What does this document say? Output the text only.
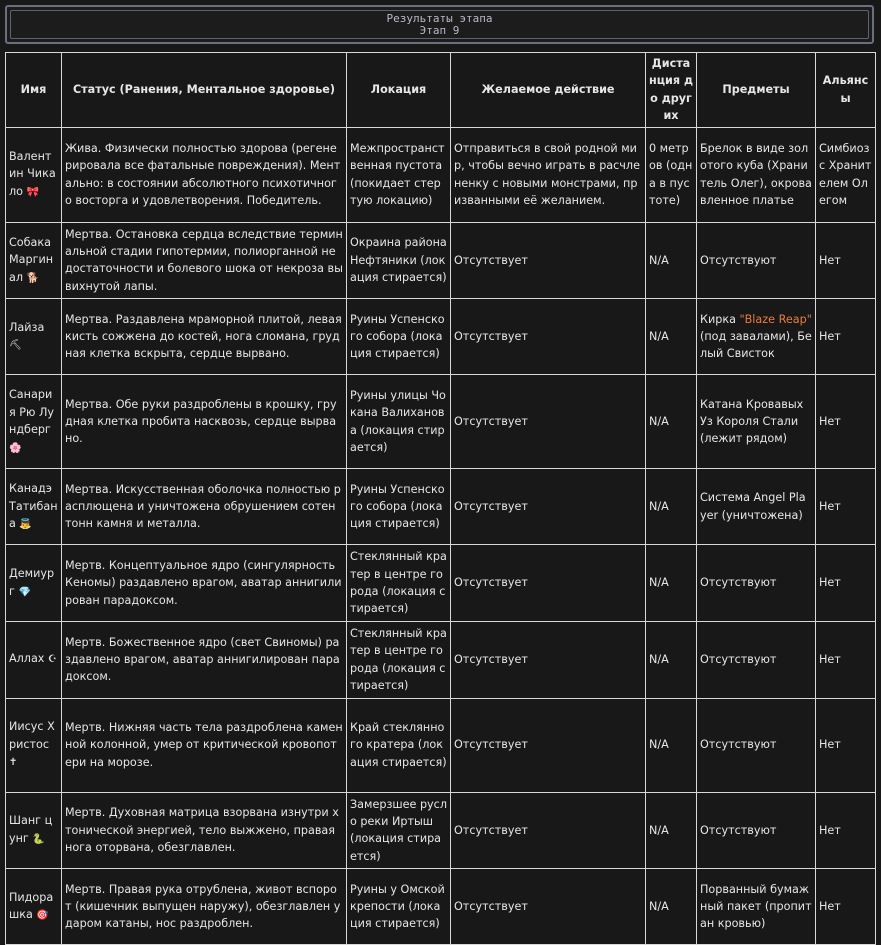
Результаты этапа
Этап 9
Имя	Статус (Ранения, Ментальное здоровье)	Локация	Желаемое действие	Дистанция до других	Предметы	Альянсы
Валентин Чикало 🎀	Жива. Физически полностью здорова (регенерировала все фатальные повреждения). Ментально: в состоянии абсолютного психотичного восторга и удовлетворения. Победитель.	Межпространственная пустота (покидает стертую локацию)	Отправиться в свой родной мир, чтобы вечно играть в расчлененку с новыми монстрами, призванными её желанием.	0 метров (одна в пустоте)	Брелок в виде золотого куба (Хранитель Олег), окровавленное платье	Симбиоз с Хранителем Олегом
Собака Маргинал 🐕	Мертва. Остановка сердца вследствие терминальной стадии гипотермии, полиорганной недостаточности и болевого шока от некроза вывихнутой лапы.	Окраина района Нефтяники (локация стирается)	Отсутствует	N/A	Отсутствуют	Нет
Лайза ⛏	Мертва. Раздавлена мраморной плитой, левая кисть сожжена до костей, нога сломана, грудная клетка вскрыта, сердце вырвано.	Руины Успенского собора (локация стирается)	Отсутствует	N/A	Кирка "Blaze Reap" (под завалами), Белый Свисток	Нет
Санария Рю Лундберг 🌸	Мертва. Обе руки раздроблены в крошку, грудная клетка пробита насквозь, сердце вырвано.	Руины улицы Чокана Валиханова (локация стирается)	Отсутствует	N/A	Катана Кровавых Уз Короля Стали (лежит рядом)	Нет
Канадэ Татибана 👼	Мертва. Искусственная оболочка полностью расплющена и уничтожена обрушением сотен тонн камня и металла.	Руины Успенского собора (локация стирается)	Отсутствует	N/A	Система Angel Player (уничтожена)	Нет
Демиург 💎	Мертв. Концептуальное ядро (сингулярность Кеномы) раздавлено врагом, аватар аннигилирован парадоксом.	Стеклянный кратер в центре города (локация стирается)	Отсутствует	N/A	Отсутствуют	Нет
Аллах ☪	Мертв. Божественное ядро (свет Свиномы) раздавлено врагом, аватар аннигилирован парадоксом.	Стеклянный кратер в центре города (локация стирается)	Отсутствует	N/A	Отсутствуют	Нет
Иисус Христос ✝	Мертв. Нижняя часть тела раздроблена каменной колонной, умер от критической кровопотери на морозе.	Край стеклянного кратера (локация стирается)	Отсутствует	N/A	Отсутствуют	Нет
Шанг цунг 🐍	Мертв. Духовная матрица взорвана изнутри хтонической энергией, тело выжжено, правая нога оторвана, обезглавлен.	Замерзшее русло реки Иртыш (локация стирается)	Отсутствует	N/A	Отсутствуют	Нет
Пидорашка 🎯	Мертв. Правая рука отрублена, живот вспорот (кишечник выпущен наружу), обезглавлен ударом катаны, нос раздроблен.	Руины у Омской крепости (локация стирается)	Отсутствует	N/A	Порванный бумажный пакет (пропитан кровью)	Нет
